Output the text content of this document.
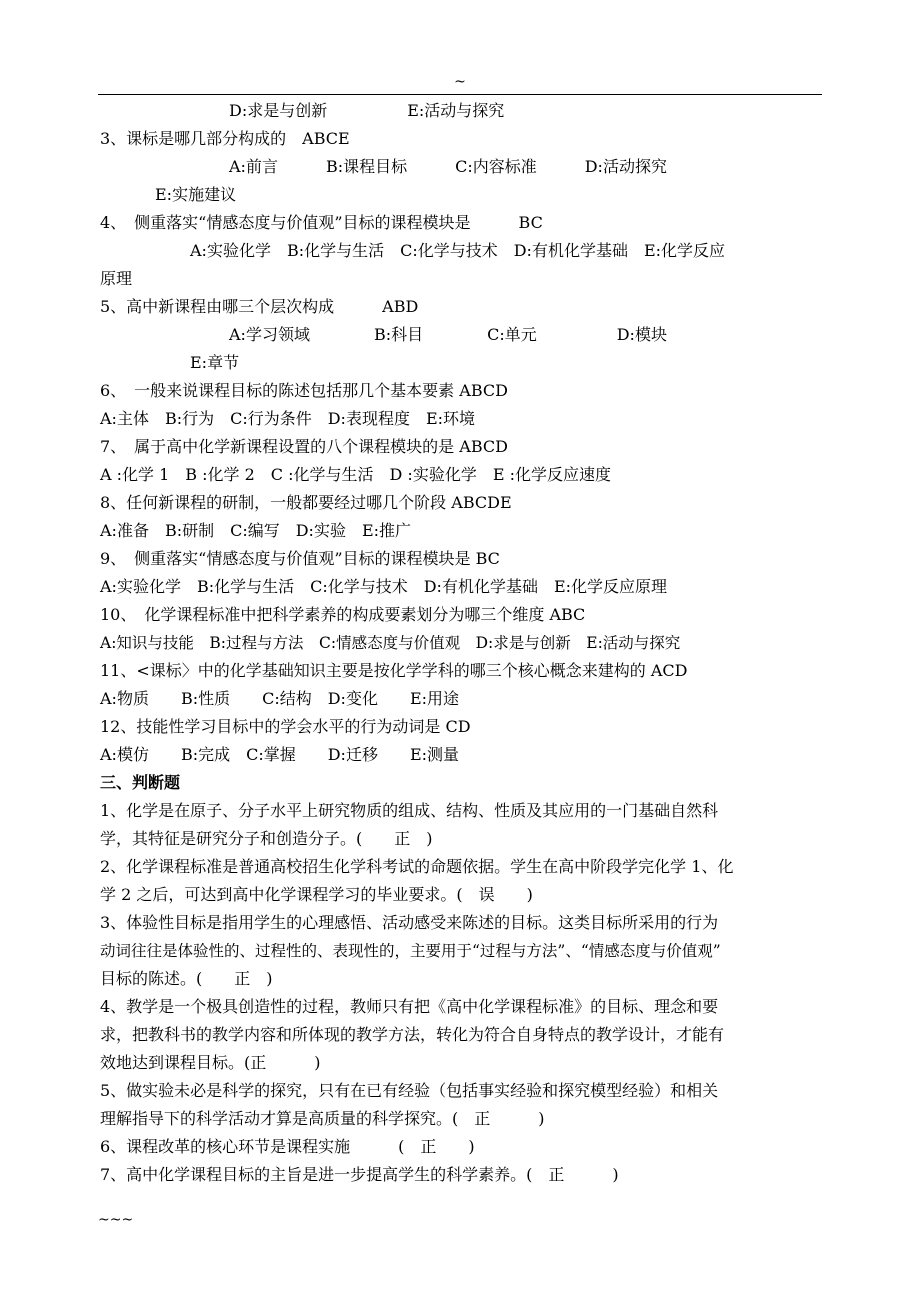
~
D:求是与创新　　　　　E:活动与探究
3、课标是哪几部分构成的　ABCE
A:前言　　　B:课程目标　　　C:内容标准　　　D:活动探究
E:实施建议
4、　侧重落实“情感态度与价值观”目标的课程模块是　　　BC
A:实验化学　B:化学与生活　C:化学与技术　D:有机化学基础　E:化学反应
原理
5、高中新课程由哪三个层次构成　　　ABD
A:学习领域　　　　B:科目　　　　C:单元　　　　　D:模块
E:章节
6、　一般来说课程目标的陈述包括那几个基本要素 ABCD
A:主体　B:行为　C:行为条件　D:表现程度　E:环境
7、　属于高中化学新课程设置的八个课程模块的是 ABCD
A :化学 1　B :化学 2　C :化学与生活　D :实验化学　E :化学反应速度
8、任何新课程的研制，一般都要经过哪几个阶段 ABCDE
A:准备　B:研制　C:编写　D:实验　E:推广
9、　侧重落实“情感态度与价值观”目标的课程模块是 BC
A:实验化学　B:化学与生活　C:化学与技术　D:有机化学基础　E:化学反应原理
10、　化学课程标准中把科学素养的构成要素划分为哪三个维度 ABC
A:知识与技能　B:过程与方法　C:情感态度与价值观　D:求是与创新　E:活动与探究
11、<课标〉中的化学基础知识主要是按化学学科的哪三个核心概念来建构的 ACD
A:物质　　B:性质　　C:结构　D:变化　　E:用途
12、技能性学习目标中的学会水平的行为动词是 CD
A:模仿　　B:完成　C:掌握　　D:迁移　　E:测量
三、判断题
1、化学是在原子、分子水平上研究物质的组成、结构、性质及其应用的一门基础自然科
学，其特征是研究分子和创造分子。(　　正　)
2、化学课程标准是普通高校招生化学科考试的命题依据。学生在高中阶段学完化学 1、化
学 2 之后，可达到高中化学课程学习的毕业要求。(　误　　)
3、体验性目标是指用学生的心理感悟、活动感受来陈述的目标。这类目标所采用的行为
动词往往是体验性的、过程性的、表现性的，主要用于“过程与方法”、“情感态度与价值观”
目标的陈述。(　　正　)
4、教学是一个极具创造性的过程，教师只有把《高中化学课程标准》的目标、理念和要
求，把教科书的教学内容和所体现的教学方法，转化为符合自身特点的教学设计，才能有
效地达到课程目标。(正　　　)
5、做实验未必是科学的探究，只有在已有经验（包括事实经验和探究模型经验）和相关
理解指导下的科学活动才算是高质量的科学探究。(　正　　　)
6、课程改革的核心环节是课程实施　　　(　正　　)
7、高中化学课程目标的主旨是进一步提高学生的科学素养。(　正　　　)
~~~
